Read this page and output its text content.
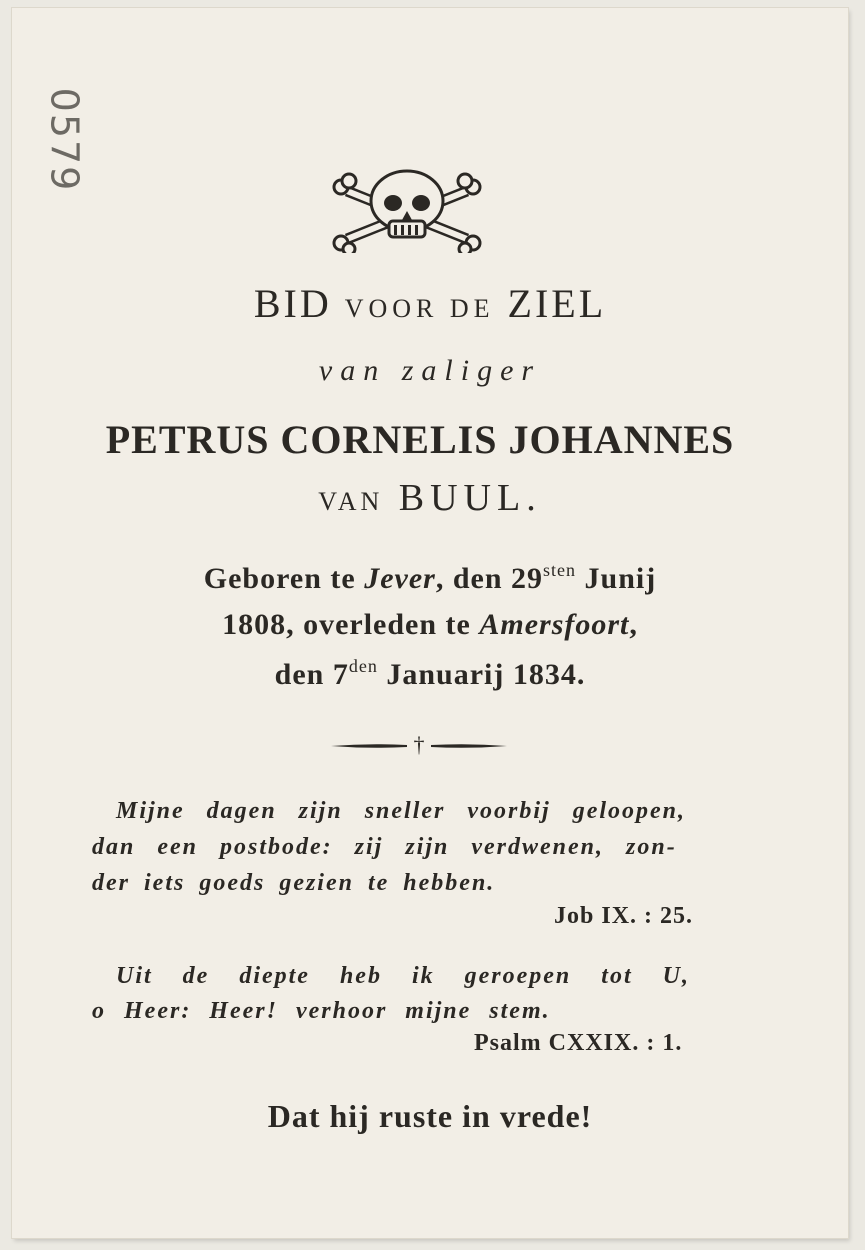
0579
BID VOOR DE ZIEL
van zaliger
PETRUS CORNELIS JOHANNES
VAN BUUL.
Geboren te Jever, den $29^{sten}$ Junij
1808, overleden te Amersfoort,
den $7^{den}$ Januarij 1834.
†
Mijne dagen zijn sneller voorbij geloopen,
dan een postbode: zij zijn verdwenen, zon-
der iets goeds gezien te hebben.
Job IX. : 25.
Uit de diepte heb ik geroepen tot U,
o Heer: Heer! verhoor mijne stem.
Psalm CXXIX. : 1.
Dat hij ruste in vrede!
